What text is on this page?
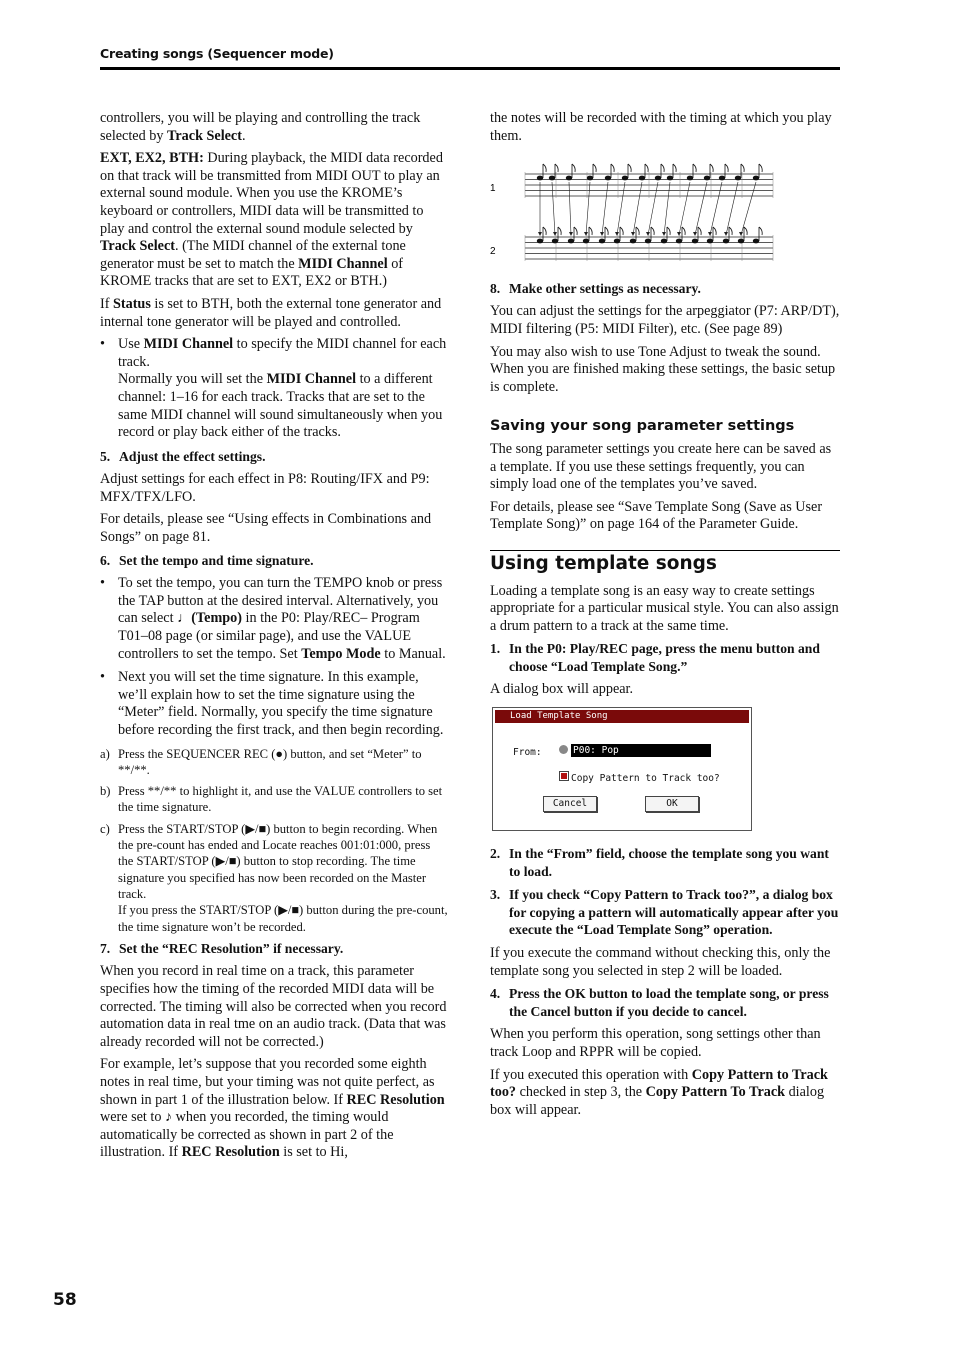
Creating songs (Sequencer mode)

controllers, you will be playing and controlling the track selected by Track Select.

EXT, EX2, BTH: During playback, the MIDI data recorded on that track will be transmitted from MIDI OUT to play an external sound module. When you use the KROME’s keyboard or controllers, MIDI data will be transmitted to play and control the external sound module selected by Track Select. (The MIDI channel of the external tone generator must be set to match the MIDI Channel of KROME tracks that are set to EXT, EX2 or BTH.)

If Status is set to BTH, both the external tone generator and internal tone generator will be played and controlled.

• Use MIDI Channel to specify the MIDI channel for each track.
Normally you will set the MIDI Channel to a different channel: 1–16 for each track. Tracks that are set to the same MIDI channel will sound simultaneously when you record or play back either of the tracks.
5. Adjust the effect settings.

Adjust settings for each effect in P8: Routing/IFX and P9: MFX/TFX/LFO.

For details, please see “Using effects in Combinations and Songs” on page 81.

6. Set the tempo and time signature.
• To set the tempo, you can turn the TEMPO knob or press the TAP button at the desired interval. Alternatively, you can select ♩(Tempo) in the P0: Play/REC– Program T01–08 page (or similar page), and use the VALUE controllers to set the tempo. Set Tempo Mode to Manual.
• Next you will set the time signature. In this example, we’ll explain how to set the time signature using the “Meter” field. Normally, you specify the time signature before recording the first track, and then begin recording.
a) Press the SEQUENCER REC (●) button, and set “Meter” to **/**.
b) Press **/** to highlight it, and use the VALUE controllers to set the time signature.
c) Press the START/STOP (▶/■) button to begin recording. When the pre-count has ended and Locate reaches 001:01:000, press the START/STOP (▶/■) button to stop recording. The time signature you specified has now been recorded on the Master track.
If you press the START/STOP (▶/■) button during the pre-count, the time signature won’t be recorded.
7. Set the “REC Resolution” if necessary.

When you record in real time on a track, this parameter specifies how the timing of the recorded MIDI data will be corrected. The timing will also be corrected when you record automation data in real tme on an audio track. (Data that was already recorded will not be corrected.)

For example, let’s suppose that you recorded some eighth notes in real time, but your timing was not quite perfect, as shown in part 1 of the illustration below. If REC Resolution were set to ♪ when you recorded, the timing would automatically be corrected as shown in part 2 of the illustration. If REC Resolution is set to Hi,

the notes will be recorded with the timing at which you play them.

1
2
8. Make other settings as necessary.

You can adjust the settings for the arpeggiator (P7: ARP/DT), MIDI filtering (P5: MIDI Filter), etc. (See page 89)

You may also wish to use Tone Adjust to tweak the sound. When you are finished making these settings, the basic setup is complete.

Saving your song parameter settings

The song parameter settings you create here can be saved as a template. If you use these settings frequently, you can simply load one of the templates you’ve saved.

For details, please see “Save Template Song (Save as User Template Song)” on page 164 of the Parameter Guide.

Using template songs

Loading a template song is an easy way to create settings appropriate for a particular musical style. You can also assign a drum pattern to a track at the same time.

1. In the P0: Play/REC page, press the menu button and choose “Load Template Song.”

A dialog box will appear.

Load Template Song
From:	P00: Pop
Copy Pattern to Track too?
Cancel	OK
2. In the “From” field, choose the template song you want to load.
3. If you check “Copy Pattern to Track too?”, a dialog box for copying a pattern will automatically appear after you execute the “Load Template Song” operation.

If you execute the command without checking this, only the template song you selected in step 2 will be loaded.

4. Press the OK button to load the template song, or press the Cancel button if you decide to cancel.

When you perform this operation, song settings other than track Loop and RPPR will be copied.

If you executed this operation with Copy Pattern to Track too? checked in step 3, the Copy Pattern To Track dialog box will appear.

58
